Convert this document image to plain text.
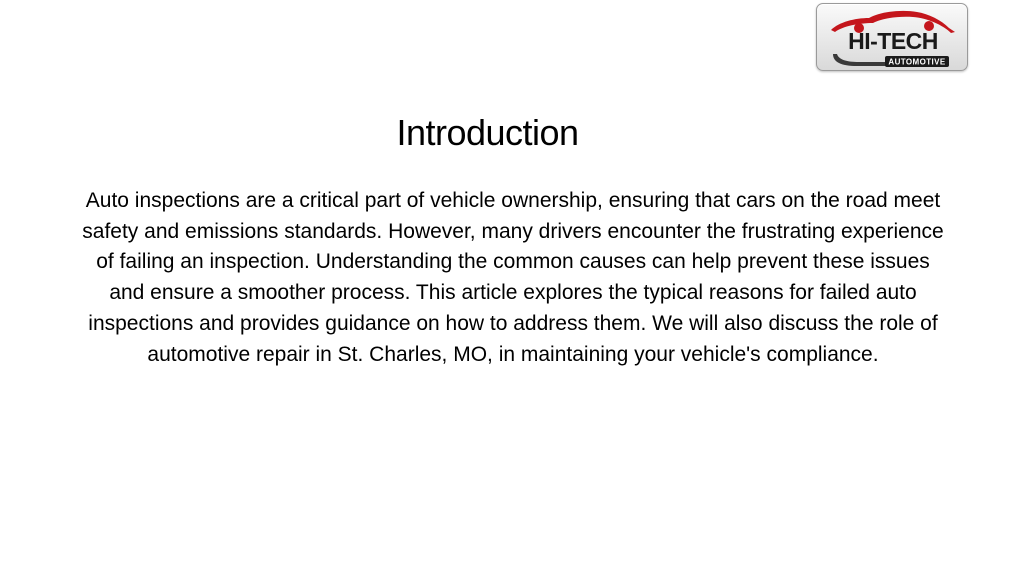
HI-TECH
AUTOMOTIVE
Introduction
Auto inspections are a critical part of vehicle ownership, ensuring that cars on the road meet safety and emissions standards. However, many drivers encounter the frustrating experience of failing an inspection. Understanding the common causes can help prevent these issues and ensure a smoother process. This article explores the typical reasons for failed auto inspections and provides guidance on how to address them. We will also discuss the role of automotive repair in St. Charles, MO, in maintaining your vehicle's compliance.
